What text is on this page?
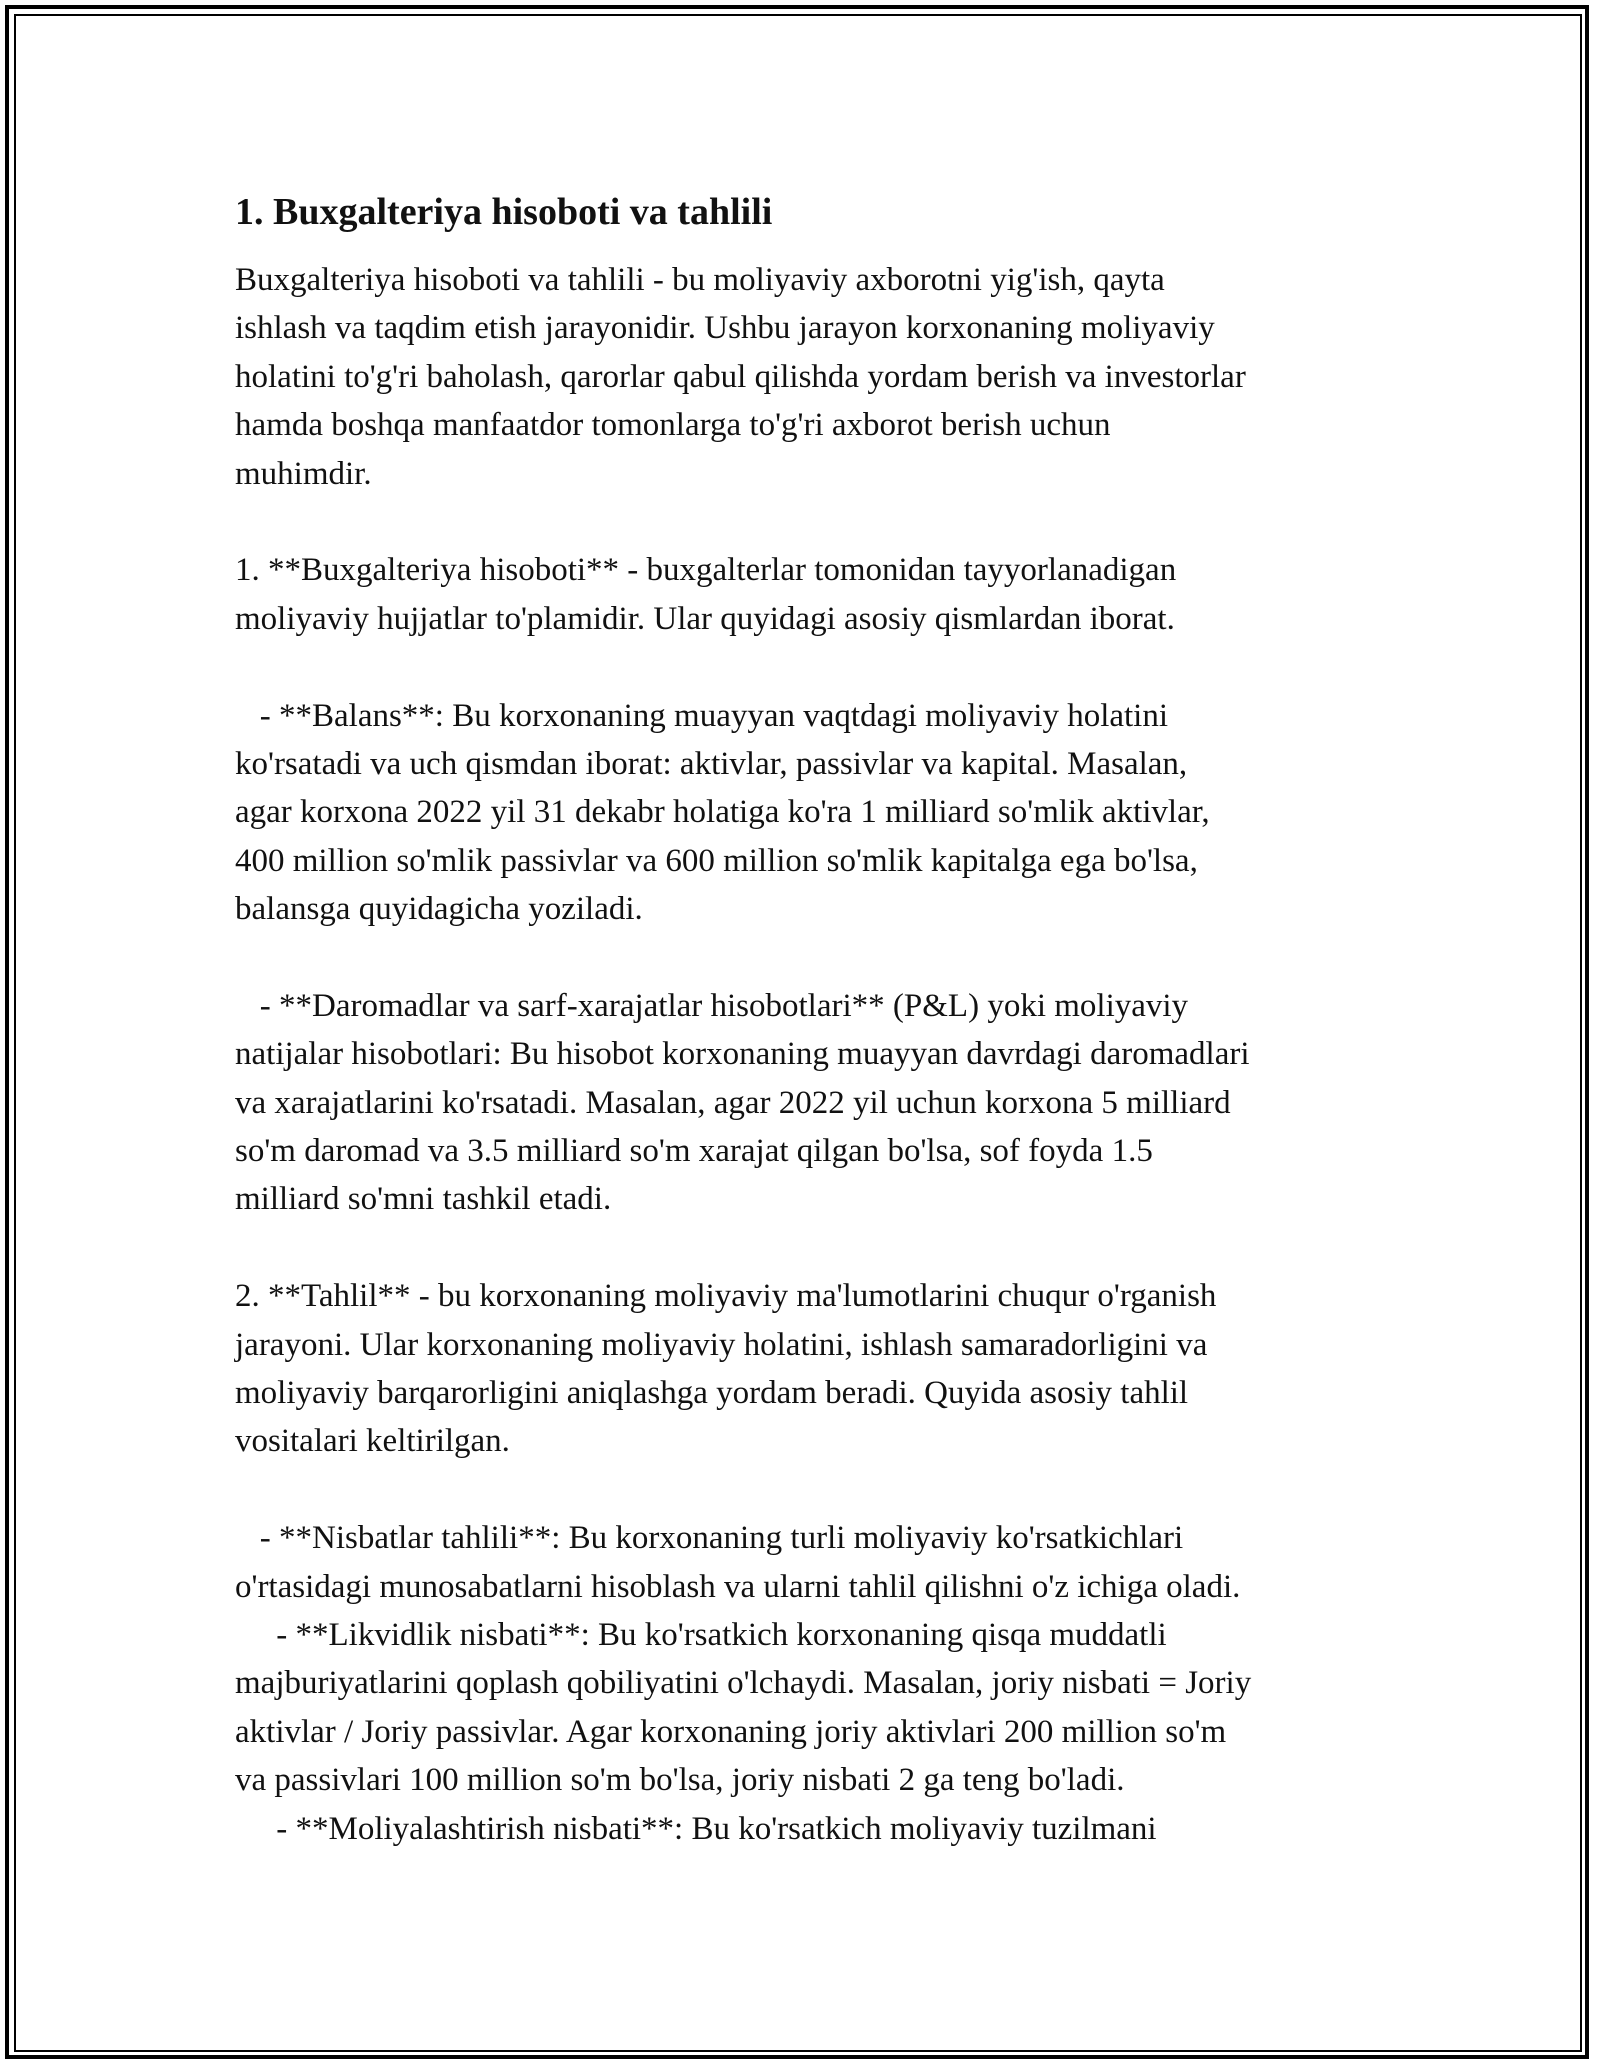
1. Buxgalteriya hisoboti va tahlili
Buxgalteriya hisoboti va tahlili - bu moliyaviy axborotni yig'ish, qayta
ishlash va taqdim etish jarayonidir. Ushbu jarayon korxonaning moliyaviy
holatini to'g'ri baholash, qarorlar qabul qilishda yordam berish va investorlar
hamda boshqa manfaatdor tomonlarga to'g'ri axborot berish uchun
muhimdir.
1. **Buxgalteriya hisoboti** - buxgalterlar tomonidan tayyorlanadigan
moliyaviy hujjatlar to'plamidir. Ular quyidagi asosiy qismlardan iborat.
- **Balans**: Bu korxonaning muayyan vaqtdagi moliyaviy holatini
ko'rsatadi va uch qismdan iborat: aktivlar, passivlar va kapital. Masalan,
agar korxona 2022 yil 31 dekabr holatiga ko'ra 1 milliard so'mlik aktivlar,
400 million so'mlik passivlar va 600 million so'mlik kapitalga ega bo'lsa,
balansga quyidagicha yoziladi.
- **Daromadlar va sarf-xarajatlar hisobotlari** (P&L) yoki moliyaviy
natijalar hisobotlari: Bu hisobot korxonaning muayyan davrdagi daromadlari
va xarajatlarini ko'rsatadi. Masalan, agar 2022 yil uchun korxona 5 milliard
so'm daromad va 3.5 milliard so'm xarajat qilgan bo'lsa, sof foyda 1.5
milliard so'mni tashkil etadi.
2. **Tahlil** - bu korxonaning moliyaviy ma'lumotlarini chuqur o'rganish
jarayoni. Ular korxonaning moliyaviy holatini, ishlash samaradorligini va
moliyaviy barqarorligini aniqlashga yordam beradi. Quyida asosiy tahlil
vositalari keltirilgan.
- **Nisbatlar tahlili**: Bu korxonaning turli moliyaviy ko'rsatkichlari
o'rtasidagi munosabatlarni hisoblash va ularni tahlil qilishni o'z ichiga oladi.
- **Likvidlik nisbati**: Bu ko'rsatkich korxonaning qisqa muddatli
majburiyatlarini qoplash qobiliyatini o'lchaydi. Masalan, joriy nisbati = Joriy
aktivlar / Joriy passivlar. Agar korxonaning joriy aktivlari 200 million so'm
va passivlari 100 million so'm bo'lsa, joriy nisbati 2 ga teng bo'ladi.
- **Moliyalashtirish nisbati**: Bu ko'rsatkich moliyaviy tuzilmani
